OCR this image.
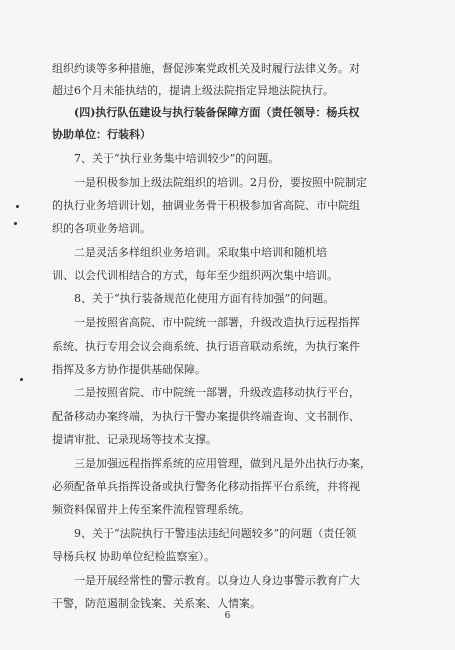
组织约谈等多种措施，督促涉案党政机关及时履行法律义务。对
超过6个月未能执结的，提请上级法院指定异地法院执行。
(四)执行队伍建设与执行装备保障方面（责任领导：杨兵权
协助单位：行装科）
7、关于“执行业务集中培训较少”的问题。
一是积极参加上级法院组织的培训。2月份，要按照中院制定
的执行业务培训计划，抽调业务骨干积极参加省高院、市中院组
织的各项业务培训。
二是灵活多样组织业务培训。采取集中培训和随机培
训、以会代训相结合的方式，每年至少组织两次集中培训。
8、关于“执行装备规范化使用方面有待加强”的问题。
一是按照省高院、市中院统一部署，升级改造执行远程指挥
系统、执行专用会议会商系统、执行语音联动系统，为执行案件
指挥及多方协作提供基础保障。
二是按照省院、市中院统一部署，升级改造移动执行平台，
配备移动办案终端，为执行干警办案提供终端查询、文书制作、
提请审批、记录现场等技术支撑。
三是加强远程指挥系统的应用管理，做到凡是外出执行办案，
必须配备单兵指挥设备或执行警务化移动指挥平台系统，并将视
频资料保留并上传至案件流程管理系统。
9、关于“法院执行干警违法违纪问题较多”的问题（责任领
导杨兵权 协助单位纪检监察室）。
一是开展经常性的警示教育。以身边人身边事警示教育广大
干警，防范遏制金钱案、关系案、人情案。
6
